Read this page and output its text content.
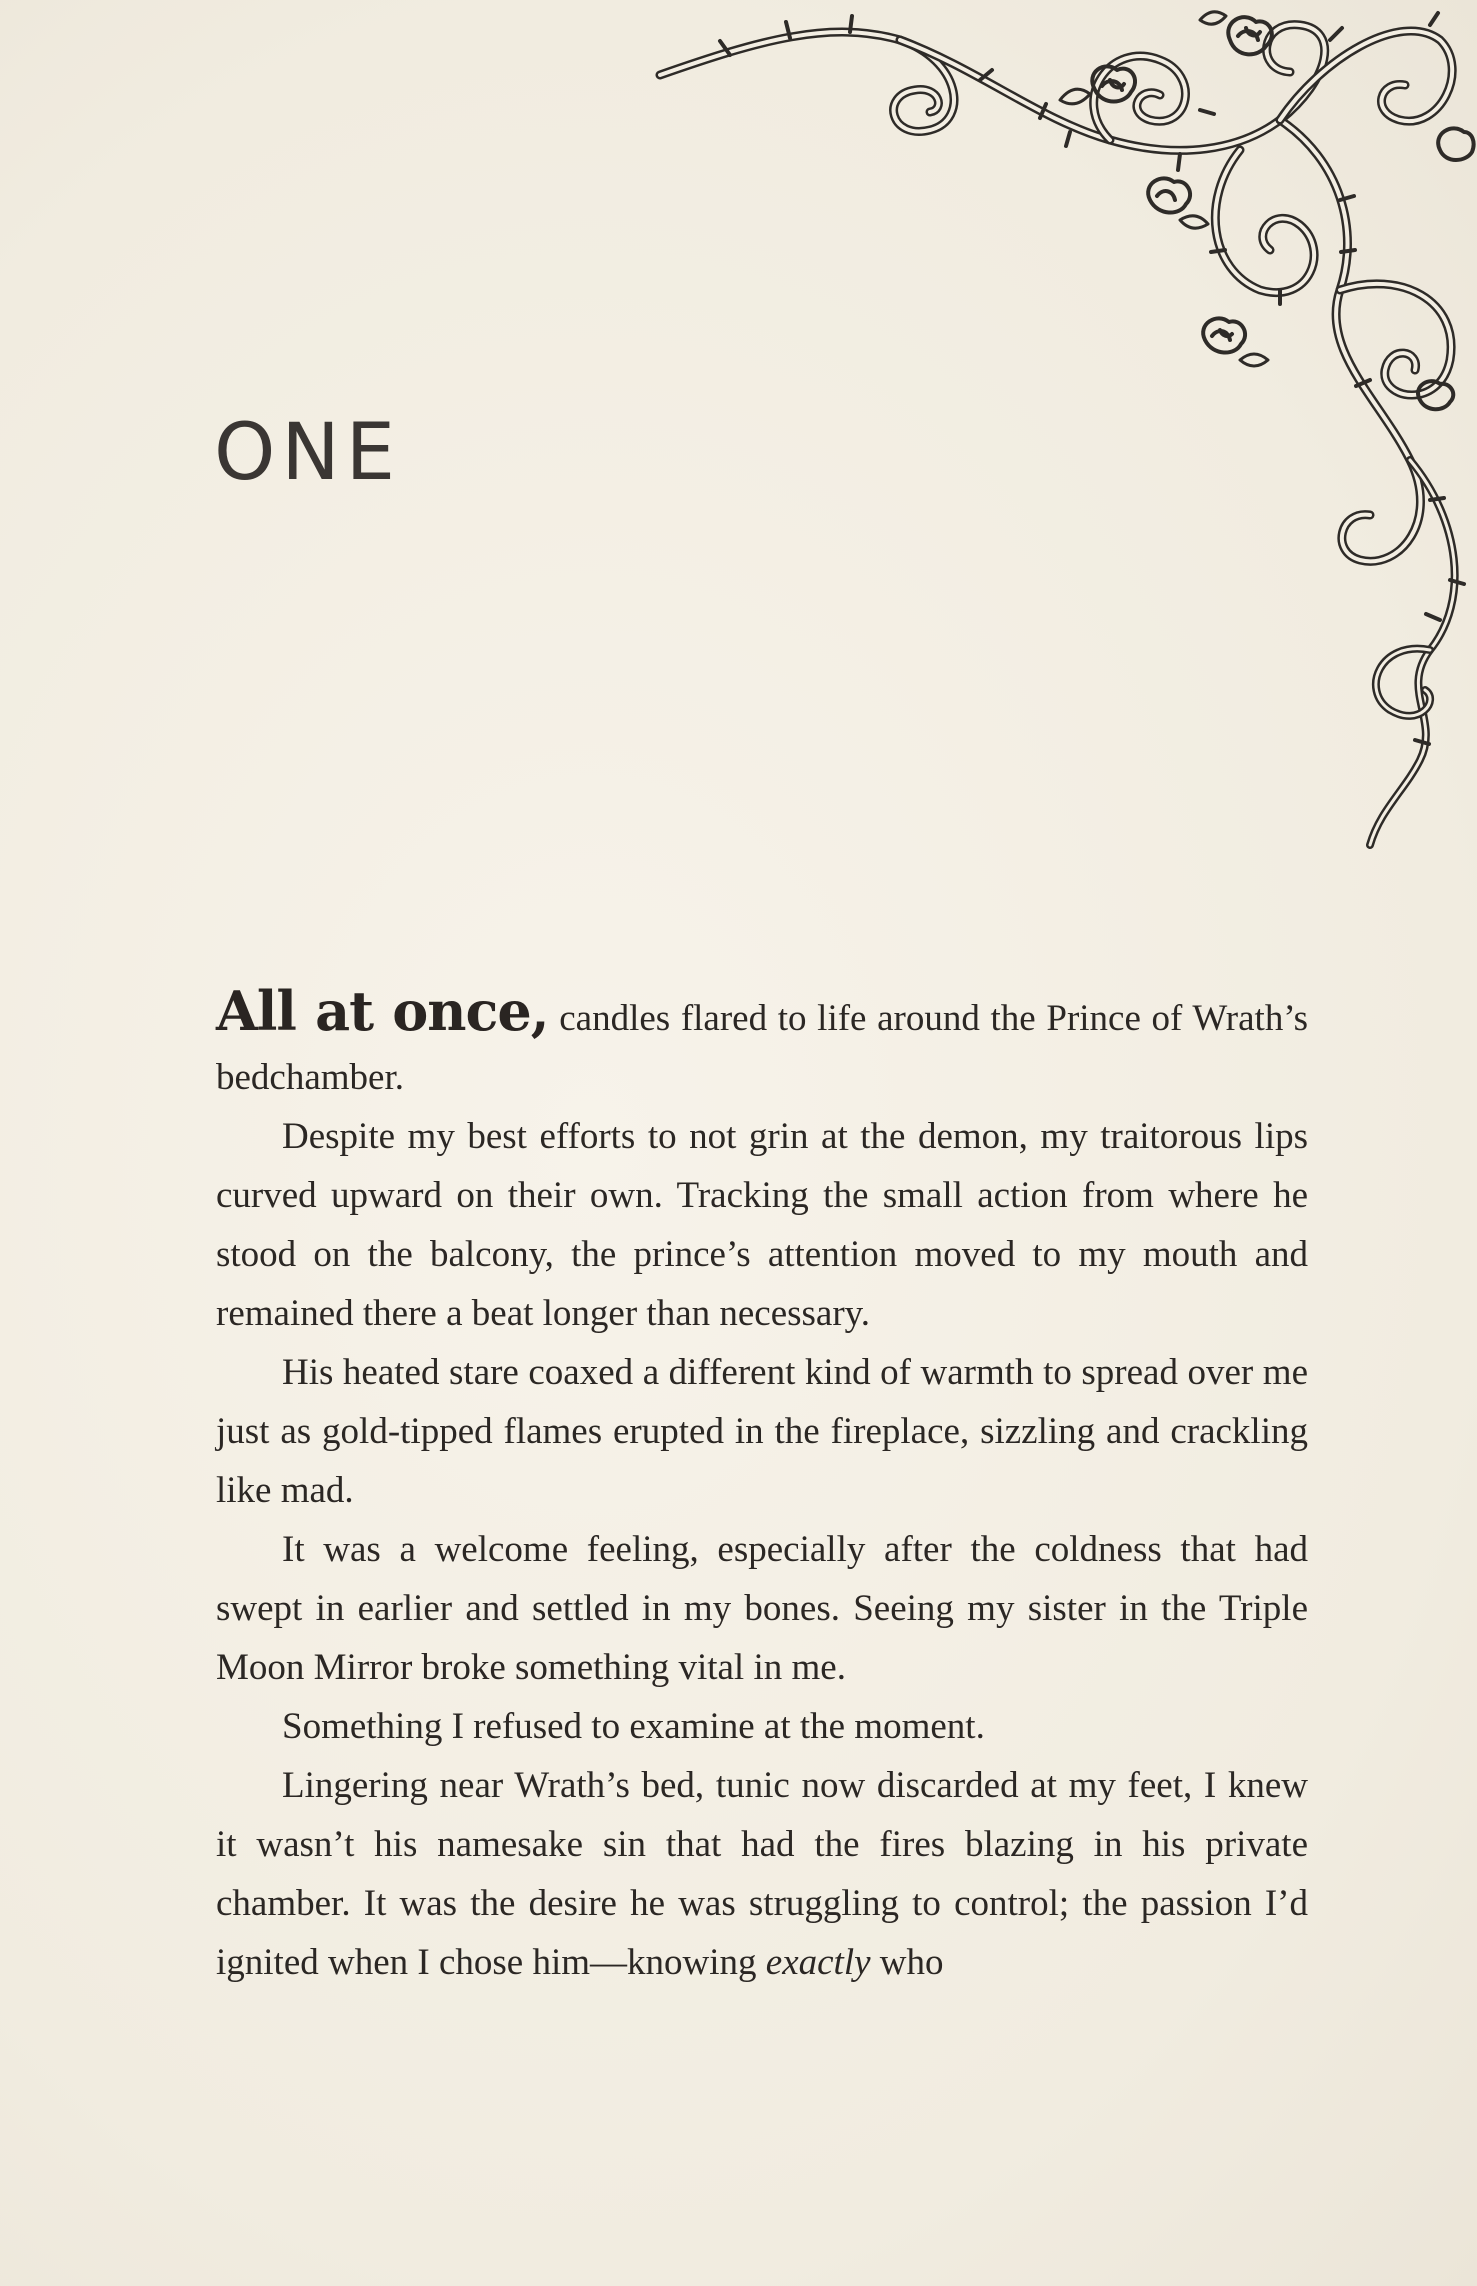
ONE

All at once, candles flared to life around the Prince of Wrath’s bedchamber.

Despite my best efforts to not grin at the demon, my traitorous lips curved upward on their own. Tracking the small action from where he stood on the balcony, the prince’s attention moved to my mouth and remained there a beat longer than necessary.

His heated stare coaxed a different kind of warmth to spread over me just as gold-tipped flames erupted in the fireplace, sizzling and crackling like mad.

It was a welcome feeling, especially after the coldness that had swept in earlier and settled in my bones. Seeing my sister in the Triple Moon Mirror broke something vital in me.

Something I refused to examine at the moment.

Lingering near Wrath’s bed, tunic now discarded at my feet, I knew it wasn’t his namesake sin that had the fires blazing in his private chamber. It was the desire he was struggling to control; the passion I’d ignited when I chose him—knowing exactly who
